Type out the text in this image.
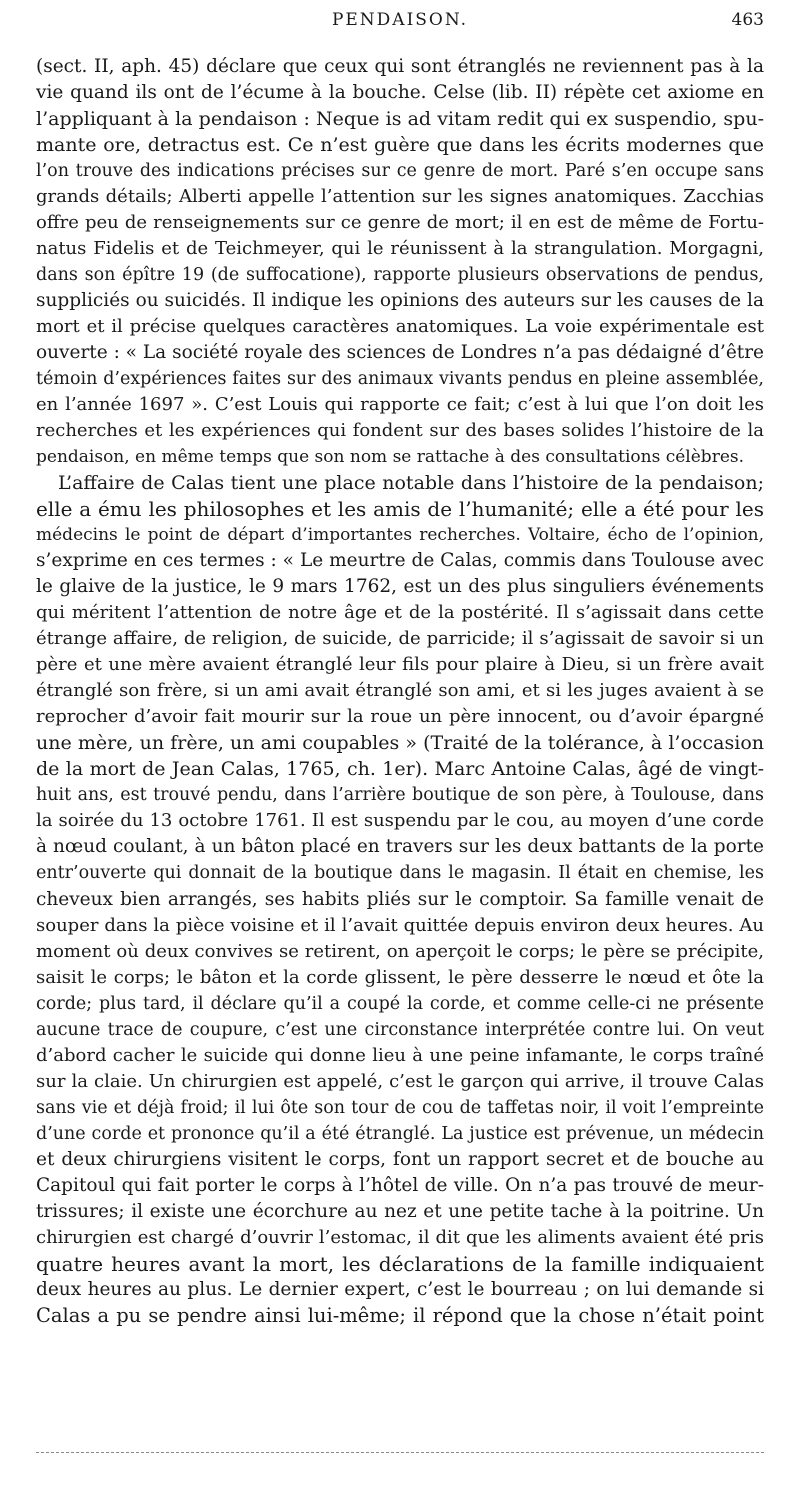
PENDAISON.	463
(sect. II, aph. 45) déclare que ceux qui sont étranglés ne reviennent pas à la
vie quand ils ont de l’écume à la bouche. Celse (lib. II) répète cet axiome en
l’appliquant à la pendaison : Neque is ad vitam redit qui ex suspendio, spu-
mante ore, detractus est. Ce n’est guère que dans les écrits modernes que
l’on trouve des indications précises sur ce genre de mort. Paré s’en occupe sans
grands détails; Alberti appelle l’attention sur les signes anatomiques. Zacchias
offre peu de renseignements sur ce genre de mort; il en est de même de Fortu-
natus Fidelis et de Teichmeyer, qui le réunissent à la strangulation. Morgagni,
dans son épître 19 (de suffocatione), rapporte plusieurs observations de pendus,
suppliciés ou suicidés. Il indique les opinions des auteurs sur les causes de la
mort et il précise quelques caractères anatomiques. La voie expérimentale est
ouverte : « La société royale des sciences de Londres n’a pas dédaigné d’être
témoin d’expériences faites sur des animaux vivants pendus en pleine assemblée,
en l’année 1697 ». C’est Louis qui rapporte ce fait; c’est à lui que l’on doit les
recherches et les expériences qui fondent sur des bases solides l’histoire de la
pendaison, en même temps que son nom se rattache à des consultations célèbres.
L’affaire de Calas tient une place notable dans l’histoire de la pendaison;
elle a ému les philosophes et les amis de l’humanité; elle a été pour les
médecins le point de départ d’importantes recherches. Voltaire, écho de l’opinion,
s’exprime en ces termes : « Le meurtre de Calas, commis dans Toulouse avec
le glaive de la justice, le 9 mars 1762, est un des plus singuliers événements
qui méritent l’attention de notre âge et de la postérité. Il s’agissait dans cette
étrange affaire, de religion, de suicide, de parricide; il s’agissait de savoir si un
père et une mère avaient étranglé leur fils pour plaire à Dieu, si un frère avait
étranglé son frère, si un ami avait étranglé son ami, et si les juges avaient à se
reprocher d’avoir fait mourir sur la roue un père innocent, ou d’avoir épargné
une mère, un frère, un ami coupables » (Traité de la tolérance, à l’occasion
de la mort de Jean Calas, 1765, ch. 1er). Marc Antoine Calas, âgé de vingt-
huit ans, est trouvé pendu, dans l’arrière boutique de son père, à Toulouse, dans
la soirée du 13 octobre 1761. Il est suspendu par le cou, au moyen d’une corde
à nœud coulant, à un bâton placé en travers sur les deux battants de la porte
entr’ouverte qui donnait de la boutique dans le magasin. Il était en chemise, les
cheveux bien arrangés, ses habits pliés sur le comptoir. Sa famille venait de
souper dans la pièce voisine et il l’avait quittée depuis environ deux heures. Au
moment où deux convives se retirent, on aperçoit le corps; le père se précipite,
saisit le corps; le bâton et la corde glissent, le père desserre le nœud et ôte la
corde; plus tard, il déclare qu’il a coupé la corde, et comme celle-ci ne présente
aucune trace de coupure, c’est une circonstance interprétée contre lui. On veut
d’abord cacher le suicide qui donne lieu à une peine infamante, le corps traîné
sur la claie. Un chirurgien est appelé, c’est le garçon qui arrive, il trouve Calas
sans vie et déjà froid; il lui ôte son tour de cou de taffetas noir, il voit l’empreinte
d’une corde et prononce qu’il a été étranglé. La justice est prévenue, un médecin
et deux chirurgiens visitent le corps, font un rapport secret et de bouche au
Capitoul qui fait porter le corps à l’hôtel de ville. On n’a pas trouvé de meur-
trissures; il existe une écorchure au nez et une petite tache à la poitrine. Un
chirurgien est chargé d’ouvrir l’estomac, il dit que les aliments avaient été pris
quatre heures avant la mort, les déclarations de la famille indiquaient
deux heures au plus. Le dernier expert, c’est le bourreau ; on lui demande si
Calas a pu se pendre ainsi lui-même; il répond que la chose n’était point
